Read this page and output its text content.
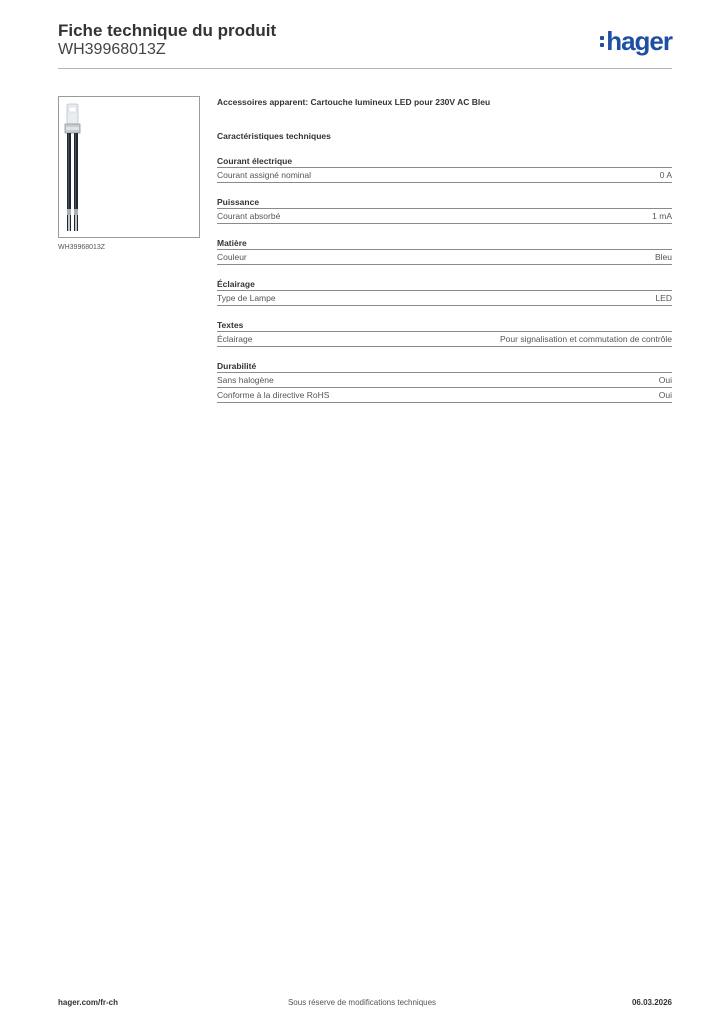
Fiche technique du produit
WH39968013Z	hager
WH39968013Z
Accessoires apparent: Cartouche lumineux LED pour 230V AC Bleu
Caractéristiques techniques
Courant électrique
Courant assigné nominal	0 A
Puissance
Courant absorbé	1 mA
Matière
Couleur	Bleu
Éclairage
Type de Lampe	LED
Textes
Éclairage	Pour signalisation et commutation de contrôle
Durabilité
Sans halogène	Oui
Conforme à la directive RoHS	Oui
hager.com/fr-ch	Sous réserve de modifications techniques	06.03.2026
